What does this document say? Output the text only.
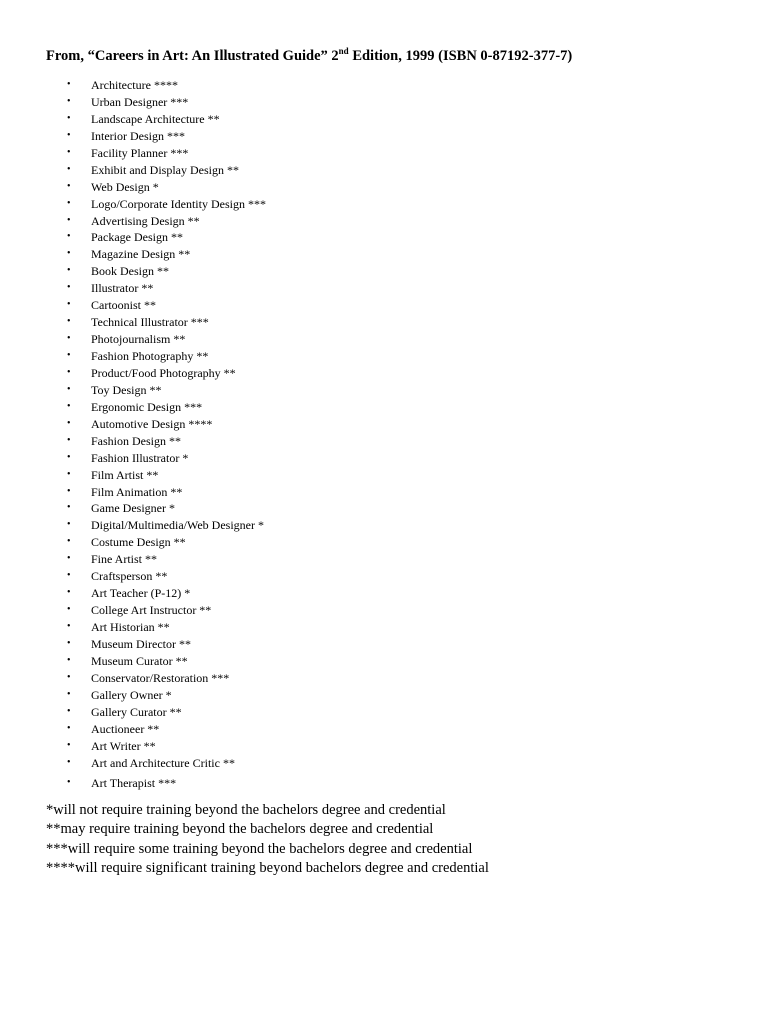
From, “Careers in Art: An Illustrated Guide” 2nd Edition, 1999 (ISBN 0-87192-377-7)
• Architecture ****
• Urban Designer ***
• Landscape Architecture **
• Interior Design ***
• Facility Planner ***
• Exhibit and Display Design **
• Web Design *
• Logo/Corporate Identity Design ***
• Advertising Design **
• Package Design **
• Magazine Design **
• Book Design **
• Illustrator **
• Cartoonist **
• Technical Illustrator ***
• Photojournalism **
• Fashion Photography **
• Product/Food Photography **
• Toy Design **
• Ergonomic Design ***
• Automotive Design ****
• Fashion Design **
• Fashion Illustrator *
• Film Artist **
• Film Animation **
• Game Designer *
• Digital/Multimedia/Web Designer *
• Costume Design **
• Fine Artist **
• Craftsperson **
• Art Teacher (P-12) *
• College Art Instructor **
• Art Historian **
• Museum Director **
• Museum Curator **
• Conservator/Restoration ***
• Gallery Owner *
• Gallery Curator **
• Auctioneer **
• Art Writer **
• Art and Architecture Critic **
• Art Therapist ***
*will not require training beyond the bachelors degree and credential
**may require training beyond the bachelors degree and credential
***will require some training beyond the bachelors degree and credential
****will require significant training beyond bachelors degree and credential
